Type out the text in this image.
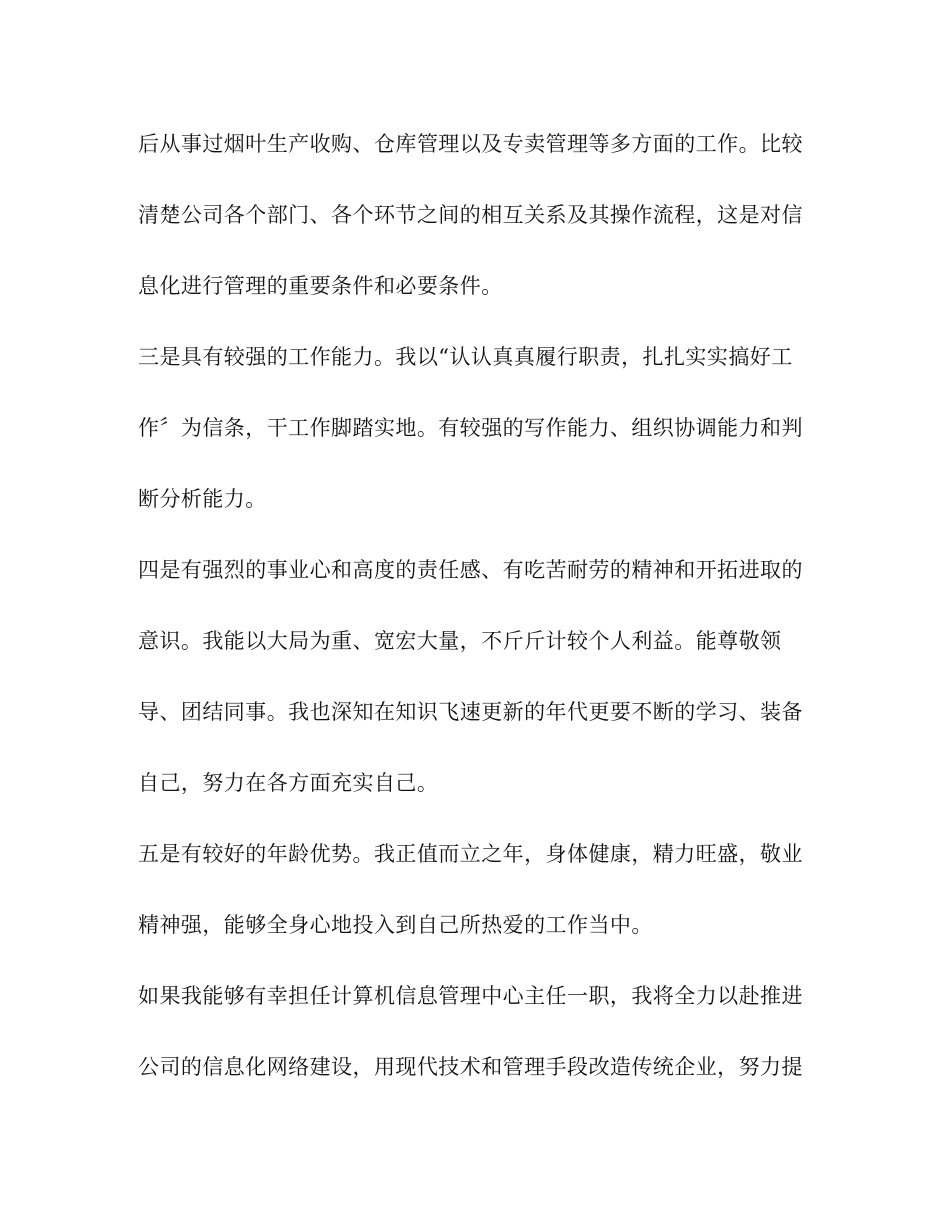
后从事过烟叶生产收购、仓库管理以及专卖管理等多方面的工作。比较
清楚公司各个部门、各个环节之间的相互关系及其操作流程，这是对信
息化进行管理的重要条件和必要条件。
三是具有较强的工作能力。我以“认认真真履行职责，扎扎实实搞好工
作〞为信条，干工作脚踏实地。有较强的写作能力、组织协调能力和判
断分析能力。
四是有强烈的事业心和高度的责任感、有吃苦耐劳的精神和开拓进取的
意识。我能以大局为重、宽宏大量，不斤斤计较个人利益。能尊敬领
导、团结同事。我也深知在知识飞速更新的年代更要不断的学习、装备
自己，努力在各方面充实自己。
五是有较好的年龄优势。我正值而立之年，身体健康，精力旺盛，敬业
精神强，能够全身心地投入到自己所热爱的工作当中。
如果我能够有幸担任计算机信息管理中心主任一职，我将全力以赴推进
公司的信息化网络建设，用现代技术和管理手段改造传统企业，努力提
